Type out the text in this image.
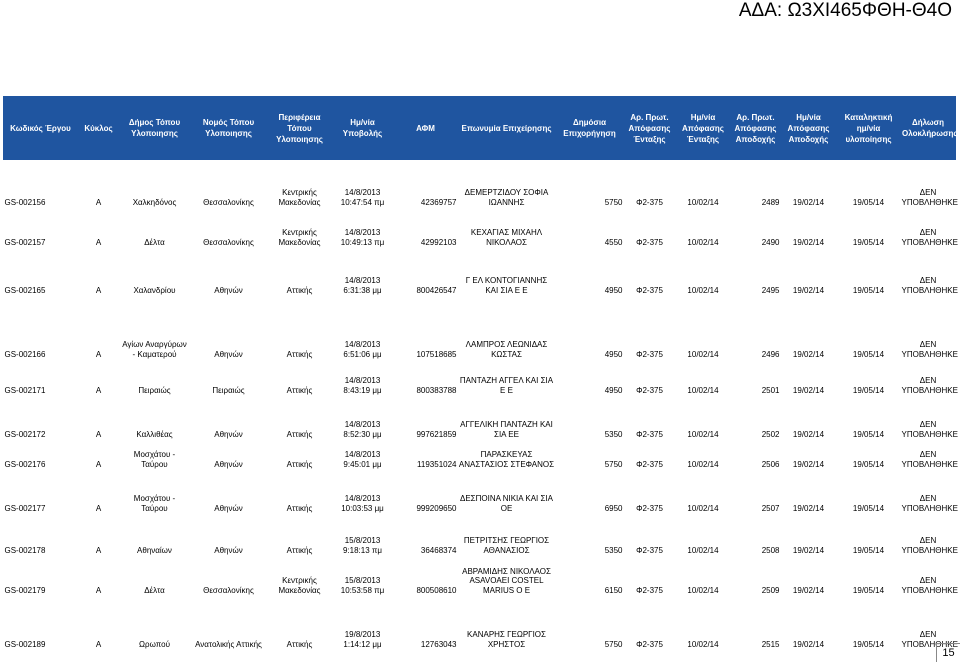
ΑΔΑ: Ω3ΧΙ465ΦΘΗ-Θ4Ο
Κωδικός Έργου	Κύκλος	Δήμος Τόπου Υλοποιησης	Νομός Τόπου Υλοποιησης	Περιφέρεια Τόπου Υλοποιησης	Ημ/νία Υποβολής	ΑΦΜ	Επωνυμία Επιχείρησης	Δημόσια Επιχορήγηση	Αρ. Πρωτ. Απόφασης Ένταξης	Ημ/νία Απόφασης Ένταξης	Αρ. Πρωτ. Απόφασης Αποδοχής	Ημ/νία Απόφασης Αποδοχής	Καταληκτική ημ/νία υλοποίησης	Δήλωση Ολοκλήρωσης

GS-002156	Α	Χαλκηδόνος	Θεσσαλονίκης	Κεντρικής Μακεδονίας	14/8/2013 10:47:54 πμ	42369757	ΔΕΜΕΡΤΖΙΔΟΥ ΣΟΦΙΑ ΙΩΑΝΝΗΣ	5750	Φ2-375	10/02/14	2489	19/02/14	19/05/14	ΔΕΝ ΥΠΟΒΛΗΘΗΚΕ
GS-002157	Α	Δέλτα	Θεσσαλονίκης	Κεντρικής Μακεδονίας	14/8/2013 10:49:13 πμ	42992103	ΚΕΧΑΓΙΑΣ ΜΙΧΑΗΛ ΝΙΚΟΛΑΟΣ	4550	Φ2-375	10/02/14	2490	19/02/14	19/05/14	ΔΕΝ ΥΠΟΒΛΗΘΗΚΕ

GS-002165	Α	Χαλανδρίου	Αθηνών	Αττικής	14/8/2013 6:31:38 μμ	800426547	Γ ΕΛ ΚΟΝΤΟΓΙΑΝΝΗΣ ΚΑΙ ΣΙΑ Ε Ε	4950	Φ2-375	10/02/14	2495	19/02/14	19/05/14	ΔΕΝ ΥΠΟΒΛΗΘΗΚΕ

GS-002166	Α	Αγίων Αναργύρων - Καματερού	Αθηνών	Αττικής	14/8/2013 6:51:06 μμ	107518685	ΛΑΜΠΡΟΣ ΛΕΩΝΙΔΑΣ ΚΩΣΤΑΣ	4950	Φ2-375	10/02/14	2496	19/02/14	19/05/14	ΔΕΝ ΥΠΟΒΛΗΘΗΚΕ

GS-002171	Α	Πειραιώς	Πειραιώς	Αττικής	14/8/2013 8:43:19 μμ	800383788	ΠΑΝΤΑΖΗ ΑΓΓΕΛ ΚΑΙ ΣΙΑ Ε Ε	4950	Φ2-375	10/02/14	2501	19/02/14	19/05/14	ΔΕΝ ΥΠΟΒΛΗΘΗΚΕ

GS-002172	Α	Καλλιθέας	Αθηνών	Αττικής	14/8/2013 8:52:30 μμ	997621859	ΑΓΓΕΛΙΚΗ ΠΑΝΤΑΖΗ ΚΑΙ ΣΙΑ ΕΕ	5350	Φ2-375	10/02/14	2502	19/02/14	19/05/14	ΔΕΝ ΥΠΟΒΛΗΘΗΚΕ
GS-002176	Α	Μοσχάτου - Ταύρου	Αθηνών	Αττικής	14/8/2013 9:45:01 μμ	119351024	ΠΑΡΑΣΚΕΥΑΣ ΑΝΑΣΤΑΣΙΟΣ ΣΤΕΦΑΝΟΣ	5750	Φ2-375	10/02/14	2506	19/02/14	19/05/14	ΔΕΝ ΥΠΟΒΛΗΘΗΚΕ
GS-002177	Α	Μοσχάτου - Ταύρου	Αθηνών	Αττικής	14/8/2013 10:03:53 μμ	999209650	ΔΕΣΠΟΙΝΑ ΝΙΚΙΑ ΚΑΙ ΣΙΑ ΟΕ	6950	Φ2-375	10/02/14	2507	19/02/14	19/05/14	ΔΕΝ ΥΠΟΒΛΗΘΗΚΕ

GS-002178	Α	Αθηναίων	Αθηνών	Αττικής	15/8/2013 9:18:13 πμ	36468374	ΠΕΤΡΙΤΣΗΣ ΓΕΩΡΓΙΟΣ ΑΘΑΝΑΣΙΟΣ	5350	Φ2-375	10/02/14	2508	19/02/14	19/05/14	ΔΕΝ ΥΠΟΒΛΗΘΗΚΕ
GS-002179	Α	Δέλτα	Θεσσαλονίκης	Κεντρικής Μακεδονίας	15/8/2013 10:53:58 πμ	800508610	ΑΒΡΑΜΙΔΗΣ ΝΙΚΟΛΑΟΣ ASAVOAEI COSTEL MARIUS O E	6150	Φ2-375	10/02/14	2509	19/02/14	19/05/14	ΔΕΝ ΥΠΟΒΛΗΘΗΚΕ

GS-002189	Α	Ωρωπού	Ανατολικής Αττικής	Αττικής	19/8/2013 1:14:12 μμ	12763043	ΚΑΝΑΡΗΣ ΓΕΩΡΓΙΟΣ ΧΡΗΣΤΟΣ	5750	Φ2-375	10/02/14	2515	19/02/14	19/05/14	ΔΕΝ ΥΠΟΒΛΗΘΗΚΕ
15
